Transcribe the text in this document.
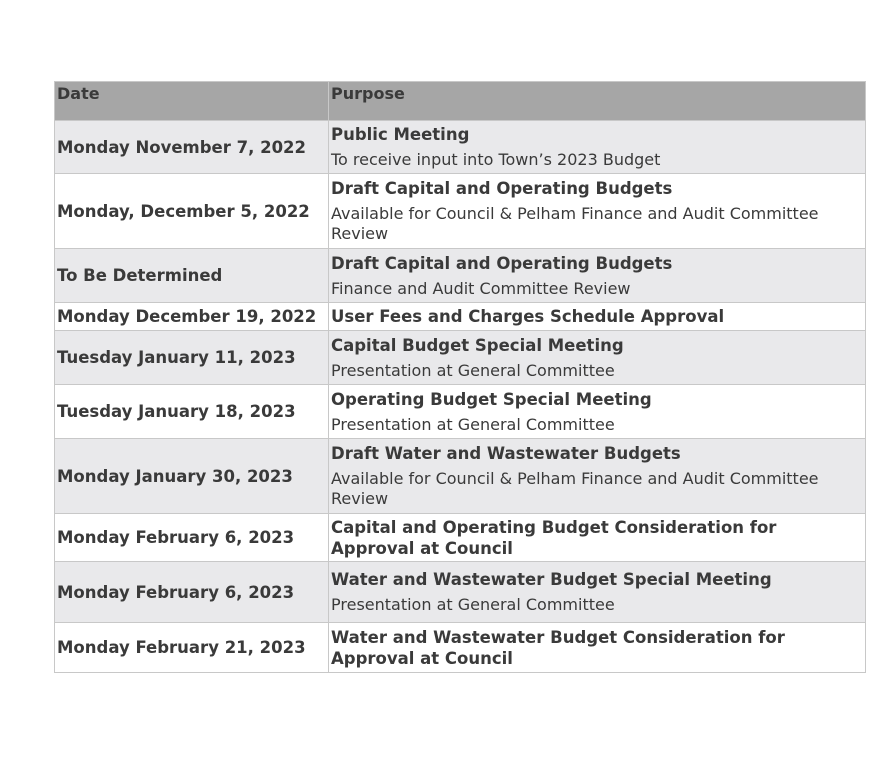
Date	Purpose
Monday November 7, 2022	Public Meeting
To receive input into Town’s 2023 Budget

Monday, December 5, 2022	Draft Capital and Operating Budgets
Available for Council & Pelham Finance and Audit Committee Review

To Be Determined	Draft Capital and Operating Budgets
Finance and Audit Committee Review

Monday December 19, 2022	User Fees and Charges Schedule Approval

Tuesday January 11, 2023	Capital Budget Special Meeting
Presentation at General Committee

Tuesday January 18, 2023	Operating Budget Special Meeting
Presentation at General Committee

Monday January 30, 2023	Draft Water and Wastewater Budgets
Available for Council & Pelham Finance and Audit Committee Review

Monday February 6, 2023	Capital and Operating Budget Consideration for Approval at Council

Monday February 6, 2023	Water and Wastewater Budget Special Meeting
Presentation at General Committee

Monday February 21, 2023	Water and Wastewater Budget Consideration for Approval at Council
